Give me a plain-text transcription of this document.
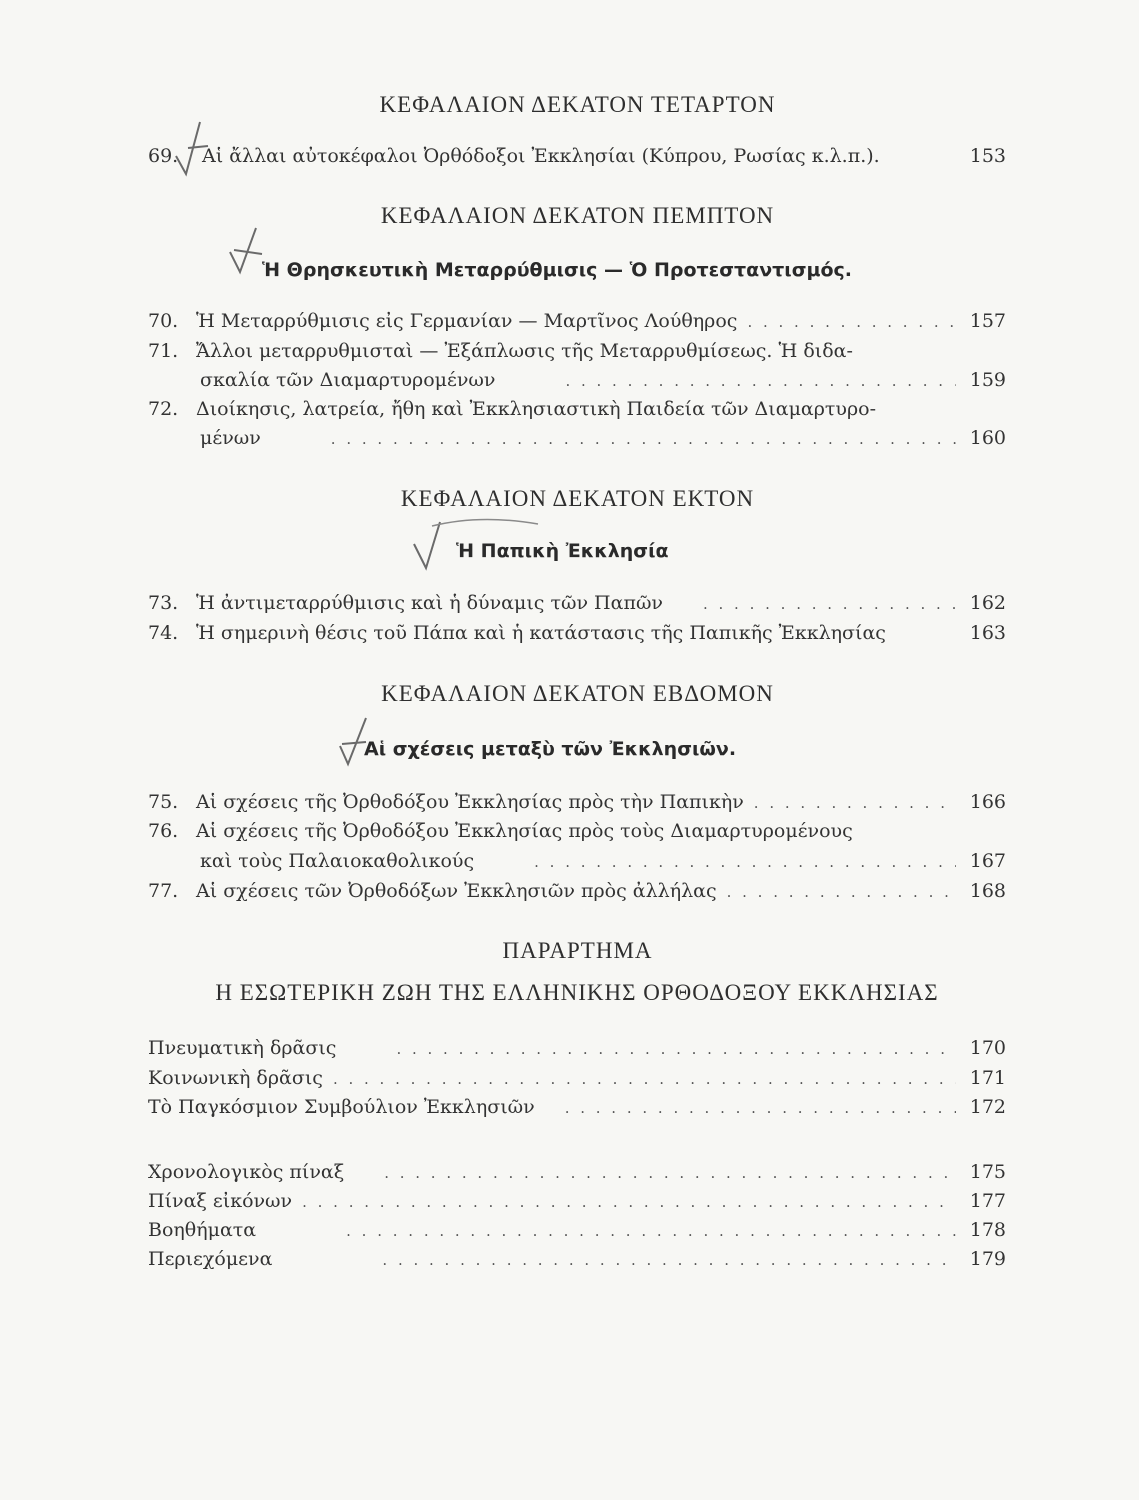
ΚΕΦΑΛΑΙΟΝ ΔΕΚΑΤΟΝ ΤΕΤΑΡΤΟΝ
69.	Αἱ ἄλλαι αὐτοκέφαλοι Ὀρθόδοξοι Ἐκκλησίαι (Κύπρου, Ρωσίας κ.λ.π.).	153
ΚΕΦΑΛΑΙΟΝ ΔΕΚΑΤΟΝ ΠΕΜΠΤΟΝ
Ἡ Θρησκευτικὴ Μεταρρύθμισις — Ὁ Προτεσταντισμός.
70. Ἡ Μεταρρύθμισις εἰς Γερμανίαν — Μαρτῖνος Λούθηρος . . .	157
71. Ἄλλοι μεταρρυθμισταὶ — Ἐξάπλωσις τῆς Μεταρρυθμίσεως. Ἡ διδα-
σκαλία τῶν Διαμαρτυρομένων . . .	159
72. Διοίκησις, λατρεία, ἤθη καὶ Ἐκκλησιαστικὴ Παιδεία τῶν Διαμαρτυρο-
μένων . . .	160
ΚΕΦΑΛΑΙΟΝ ΔΕΚΑΤΟΝ ΕΚΤΟΝ
Ἡ Παπικὴ Ἐκκλησία
73. Ἡ ἀντιμεταρρύθμισις καὶ ἡ δύναμις τῶν Παπῶν . . .	162
74. Ἡ σημερινὴ θέσις τοῦ Πάπα καὶ ἡ κατάστασις τῆς Παπικῆς Ἐκκλησίας	163
ΚΕΦΑΛΑΙΟΝ ΔΕΚΑΤΟΝ ΕΒΔΟΜΟΝ
Αἱ σχέσεις μεταξὺ τῶν Ἐκκλησιῶν.
75. Αἱ σχέσεις τῆς Ὀρθοδόξου Ἐκκλησίας πρὸς τὴν Παπικὴν . . .	166
76. Αἱ σχέσεις τῆς Ὀρθοδόξου Ἐκκλησίας πρὸς τοὺς Διαμαρτυρομένους
καὶ τοὺς Παλαιοκαθολικούς . . .	167
77. Αἱ σχέσεις τῶν Ὀρθοδόξων Ἐκκλησιῶν πρὸς ἀλλήλας . . .	168
ΠΑΡΑΡΤΗΜΑ
Η ΕΣΩΤΕΡΙΚΗ ΖΩΗ ΤΗΣ ΕΛΛΗΝΙΚΗΣ ΟΡΘΟΔΟΞΟΥ ΕΚΚΛΗΣΙΑΣ
Πνευματικὴ δρᾶσις . . .	170
Κοινωνικὴ δρᾶσις . . .	171
Τὸ Παγκόσμιον Συμβούλιον Ἐκκλησιῶν . . .	172
Χρονολογικὸς πίναξ . . .	175
Πίναξ εἰκόνων . . .	177
Βοηθήματα . . .	178
Περιεχόμενα . . .	179
